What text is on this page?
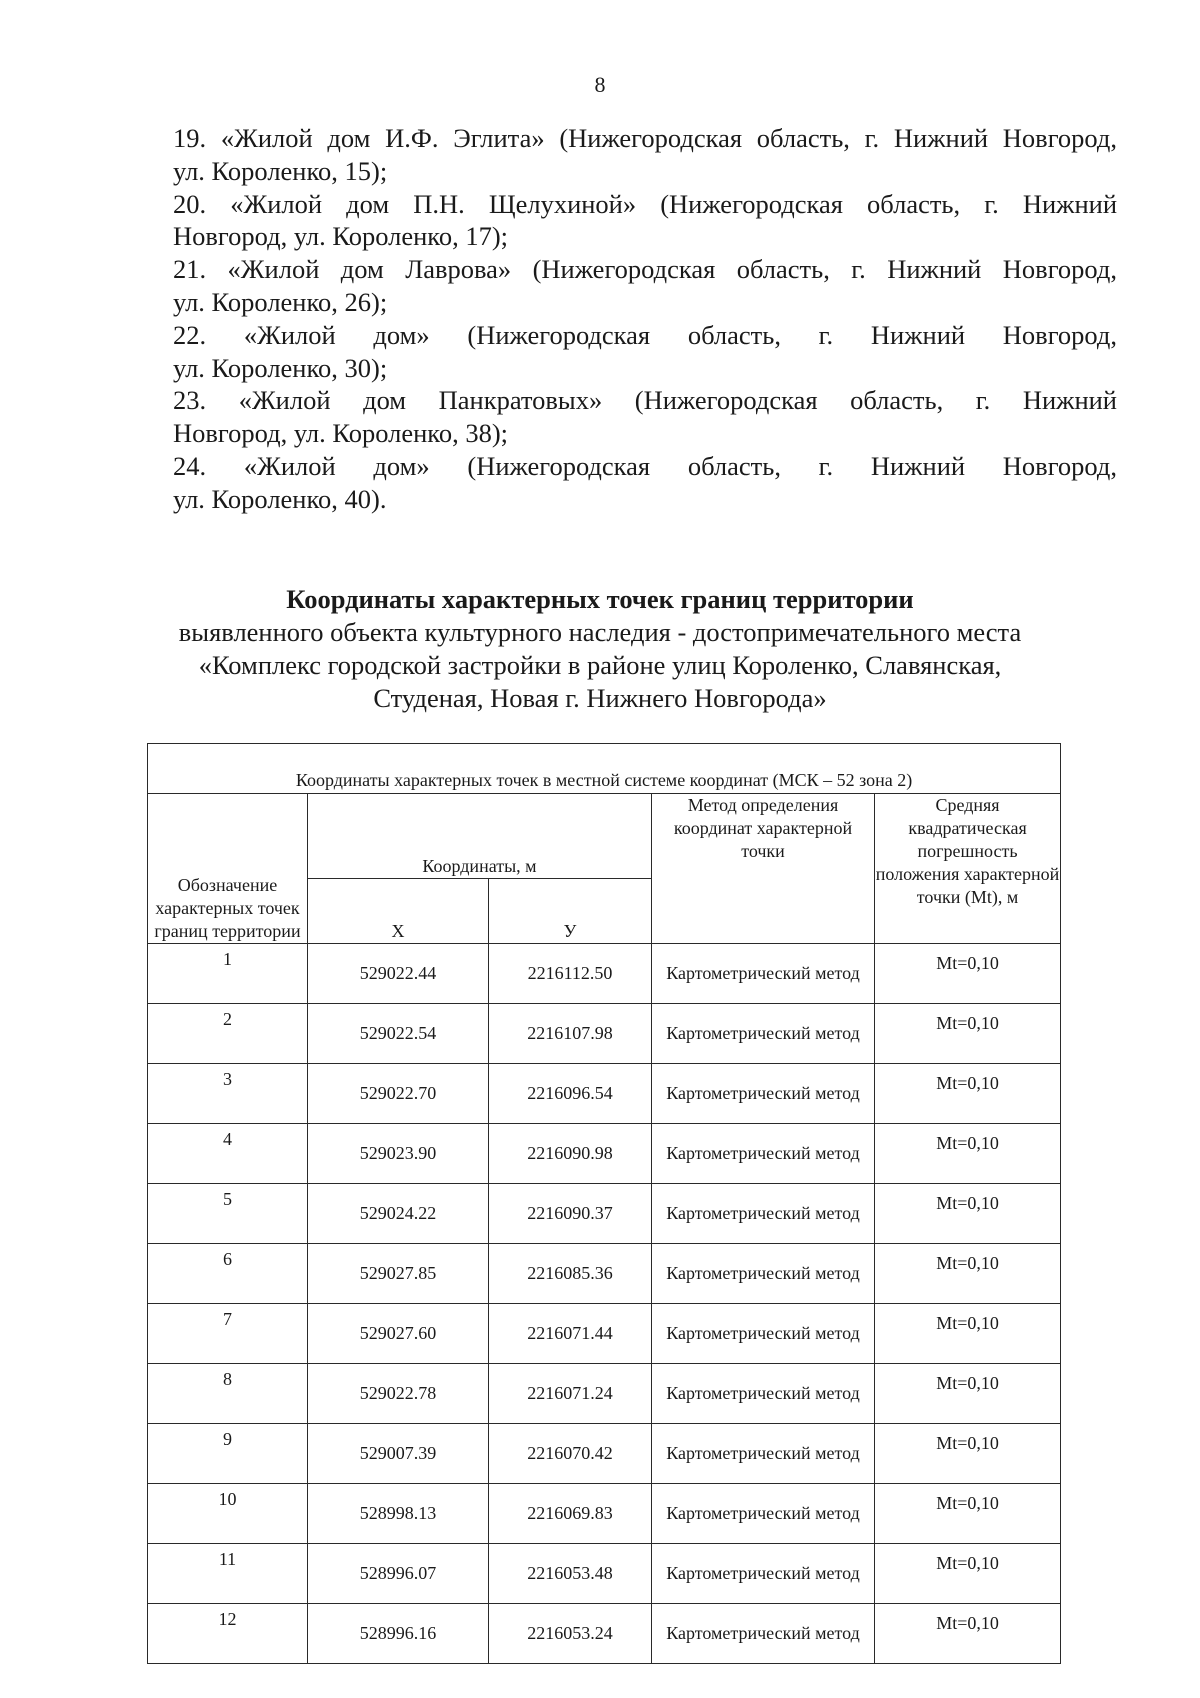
8

19. «Жилой дом И.Ф. Эглита» (Нижегородская область, г. Нижний Новгород,
ул. Короленко, 15);

20. «Жилой дом П.Н. Щелухиной» (Нижегородская область, г. Нижний
Новгород, ул. Короленко, 17);

21. «Жилой дом Лаврова» (Нижегородская область, г. Нижний Новгород,
ул. Короленко, 26);

22. «Жилой дом» (Нижегородская область, г. Нижний Новгород,
ул. Короленко, 30);

23. «Жилой дом Панкратовых» (Нижегородская область, г. Нижний
Новгород, ул. Короленко, 38);

24. «Жилой дом» (Нижегородская область, г. Нижний Новгород,
ул. Короленко, 40).

Координаты характерных точек границ территории
выявленного объекта культурного наследия - достопримечательного места
«Комплекс городской застройки в районе улиц Короленко, Славянская,
Студеная, Новая г. Нижнего Новгорода»
Координаты характерных точек в местной системе координат (МСК – 52 зона 2)				
Обозначение характерных точек границ территории	Координаты, м		Метод определения координат характерной точки	Средняя квадратическая погрешность положения характерной точки (Mt), м
	X	У		
1	529022.44	2216112.50	Картометрический метод	Mt=0,10
2	529022.54	2216107.98	Картометрический метод	Mt=0,10
3	529022.70	2216096.54	Картометрический метод	Mt=0,10
4	529023.90	2216090.98	Картометрический метод	Mt=0,10
5	529024.22	2216090.37	Картометрический метод	Mt=0,10
6	529027.85	2216085.36	Картометрический метод	Mt=0,10
7	529027.60	2216071.44	Картометрический метод	Mt=0,10
8	529022.78	2216071.24	Картометрический метод	Mt=0,10
9	529007.39	2216070.42	Картометрический метод	Mt=0,10
10	528998.13	2216069.83	Картометрический метод	Mt=0,10
11	528996.07	2216053.48	Картометрический метод	Mt=0,10
12	528996.16	2216053.24	Картометрический метод	Mt=0,10
